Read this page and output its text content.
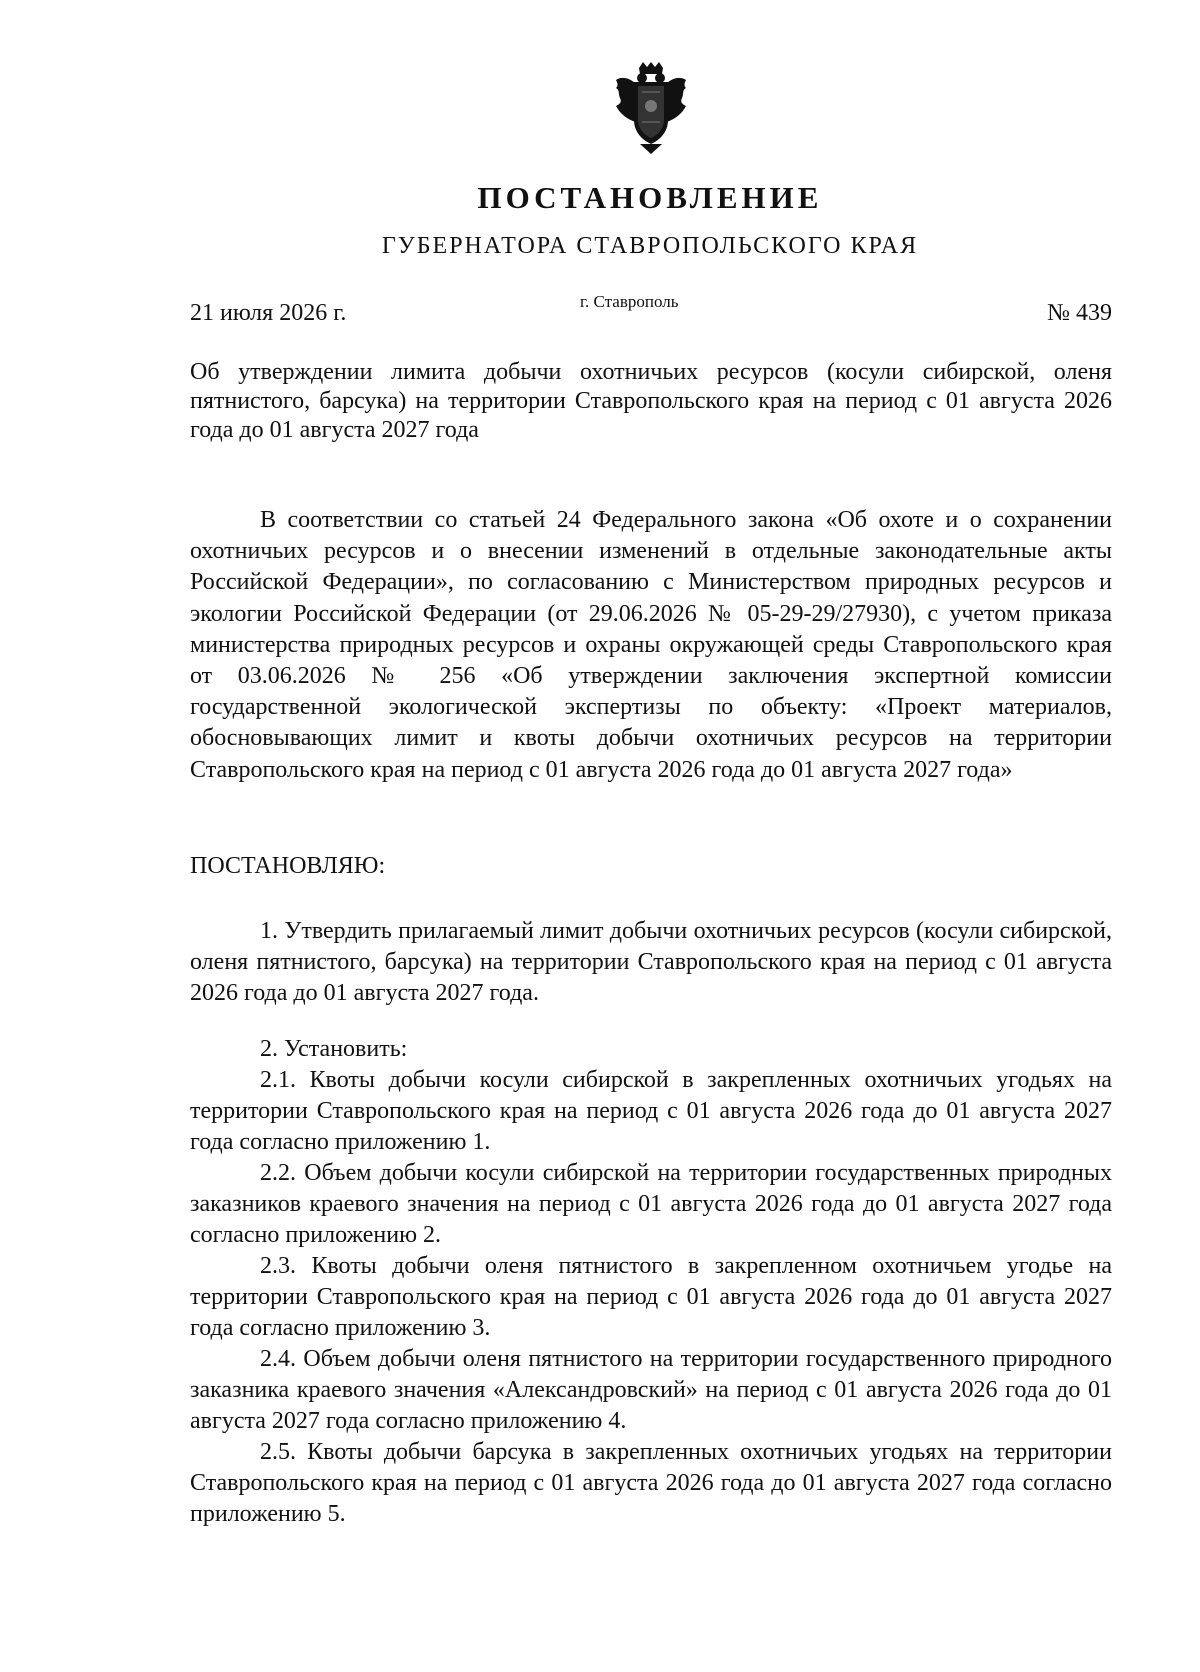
ПОСТАНОВЛЕНИЕ
ГУБЕРНАТОРА СТАВРОПОЛЬСКОГО КРАЯ
21 июля 2026 г.	г. Ставрополь	№ 439
Об утверждении лимита добычи охотничьих ресурсов (косули сибирской, оленя пятнистого, барсука) на территории Ставропольского края на период с 01 августа 2026 года до 01 августа 2027 года

В соответствии со статьей 24 Федерального закона «Об охоте и о сохранении охотничьих ресурсов и о внесении изменений в отдельные законодательные акты Российской Федерации», по согласованию с Министерством природных ресурсов и экологии Российской Федерации (от 29.06.2026 № 05-29-29/27930), с учетом приказа министерства природных ресурсов и охраны окружающей среды Ставропольского края от 03.06.2026 № 256 «Об утверждении заключения экспертной комиссии государственной экологической экспертизы по объекту: «Проект материалов, обосновывающих лимит и квоты добычи охотничьих ресурсов на территории Ставропольского края на период с 01 августа 2026 года до 01 августа 2027 года»

ПОСТАНОВЛЯЮ:

1. Утвердить прилагаемый лимит добычи охотничьих ресурсов (косули сибирской, оленя пятнистого, барсука) на территории Ставропольского края на период с 01 августа 2026 года до 01 августа 2027 года.

2. Установить:

2.1. Квоты добычи косули сибирской в закрепленных охотничьих угодьях на территории Ставропольского края на период с 01 августа 2026 года до 01 августа 2027 года согласно приложению 1.

2.2. Объем добычи косули сибирской на территории государственных природных заказников краевого значения на период с 01 августа 2026 года до 01 августа 2027 года согласно приложению 2.

2.3. Квоты добычи оленя пятнистого в закрепленном охотничьем угодье на территории Ставропольского края на период с 01 августа 2026 года до 01 августа 2027 года согласно приложению 3.

2.4. Объем добычи оленя пятнистого на территории государственного природного заказника краевого значения «Александровский» на период с 01 августа 2026 года до 01 августа 2027 года согласно приложению 4.

2.5. Квоты добычи барсука в закрепленных охотничьих угодьях на территории Ставропольского края на период с 01 августа 2026 года до 01 августа 2027 года согласно приложению 5.
